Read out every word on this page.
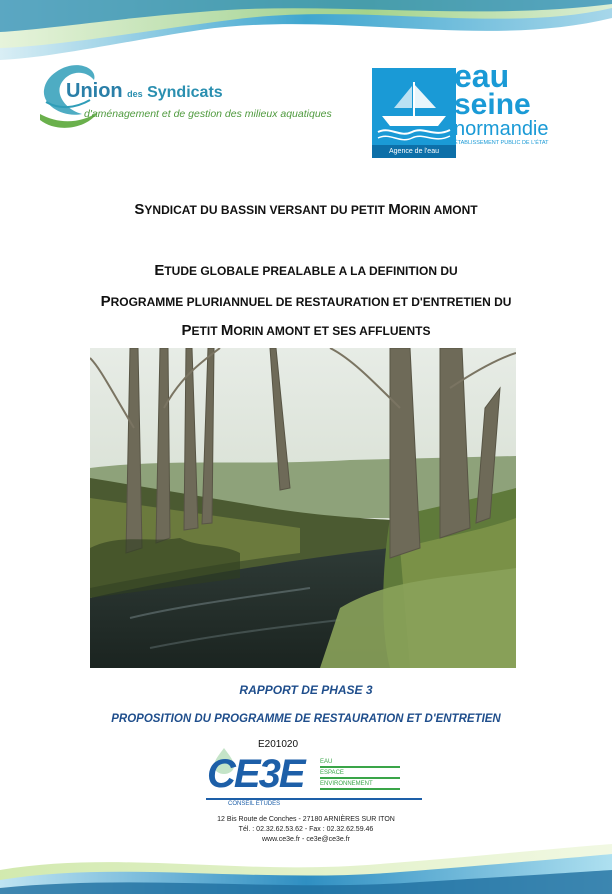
Union des Syndicats
d'aménagement et de gestion des milieux aquatiques
Agence de l'eau
eau
seine
normandie
ÉTABLISSEMENT PUBLIC DE L'ÉTAT
SYNDICAT DU BASSIN VERSANT DU PETIT MORIN AMONT
ETUDE GLOBALE PREALABLE A LA DEFINITION DU
PROGRAMME PLURIANNUEL DE RESTAURATION ET D'ENTRETIEN DU
PETIT MORIN AMONT ET SES AFFLUENTS
RAPPORT DE PHASE 3
PROPOSITION DU PROGRAMME DE RESTAURATION ET D'ENTRETIEN
E201020
CE3E	EAU
ESPACE
ENVIRONNEMENT
CONSEIL ETUDES
12 Bis Route de Conches - 27180 ARNIÈRES SUR ITON
Tél. : 02.32.62.53.62 - Fax : 02.32.62.59.46
www.ce3e.fr - ce3e@ce3e.fr
